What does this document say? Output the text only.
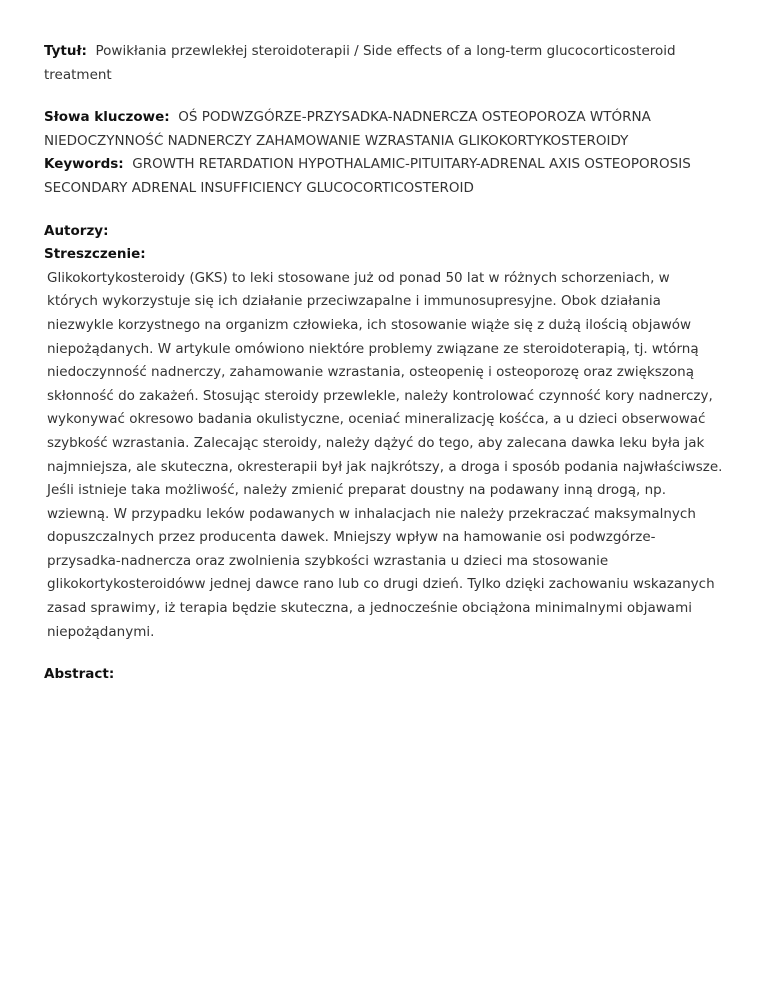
Tytuł: Powikłania przewlekłej steroidoterapii / Side effects of a long-term glucocorticosteroid treatment

Słowa kluczowe: OŚ PODWZGÓRZE-PRZYSADKA-NADNERCZA OSTEOPOROZA WTÓRNA NIEDOCZYNNOŚĆ NADNERCZY ZAHAMOWANIE WZRASTANIA GLIKOKORTYKOSTEROIDY

Keywords: GROWTH RETARDATION HYPOTHALAMIC-PITUITARY-ADRENAL AXIS OSTEOPOROSIS SECONDARY ADRENAL INSUFFICIENCY GLUCOCORTICOSTEROID

Autorzy:

Streszczenie:

Glikokortykosteroidy (GKS) to leki stosowane już od ponad 50 lat w różnych schorzeniach, w których wykorzystuje się ich działanie przeciwzapalne i immunosupresyjne. Obok działania niezwykle korzystnego na organizm człowieka, ich stosowanie wiąże się z dużą ilością objawów niepożądanych. W artykule omówiono niektóre problemy związane ze steroidoterapią, tj. wtórną niedoczynność nadnerczy, zahamowanie wzrastania, osteopenię i osteoporozę oraz zwiększoną skłonność do zakażeń. Stosując steroidy przewlekle, należy kontrolować czynność kory nadnerczy, wykonywać okresowo badania okulistyczne, oceniać mineralizację kośćca, a u dzieci obserwować szybkość wzrastania. Zalecając steroidy, należy dążyć do tego, aby zalecana dawka leku była jak najmniejsza, ale skuteczna, okresterapii był jak najkrótszy, a droga i sposób podania najwłaściwsze. Jeśli istnieje taka możliwość, należy zmienić preparat doustny na podawany inną drogą, np. wziewną. W przypadku leków podawanych w inhalacjach nie należy przekraczać maksymalnych dopuszczalnych przez producenta dawek. Mniejszy wpływ na hamowanie osi podwzgórze-przysadka-nadnercza oraz zwolnienia szybkości wzrastania u dzieci ma stosowanie glikokortykosteroidóww jednej dawce rano lub co drugi dzień. Tylko dzięki zachowaniu wskazanych zasad sprawimy, iż terapia będzie skuteczna, a jednocześnie obciążona minimalnymi objawami niepożądanymi.

Abstract:
